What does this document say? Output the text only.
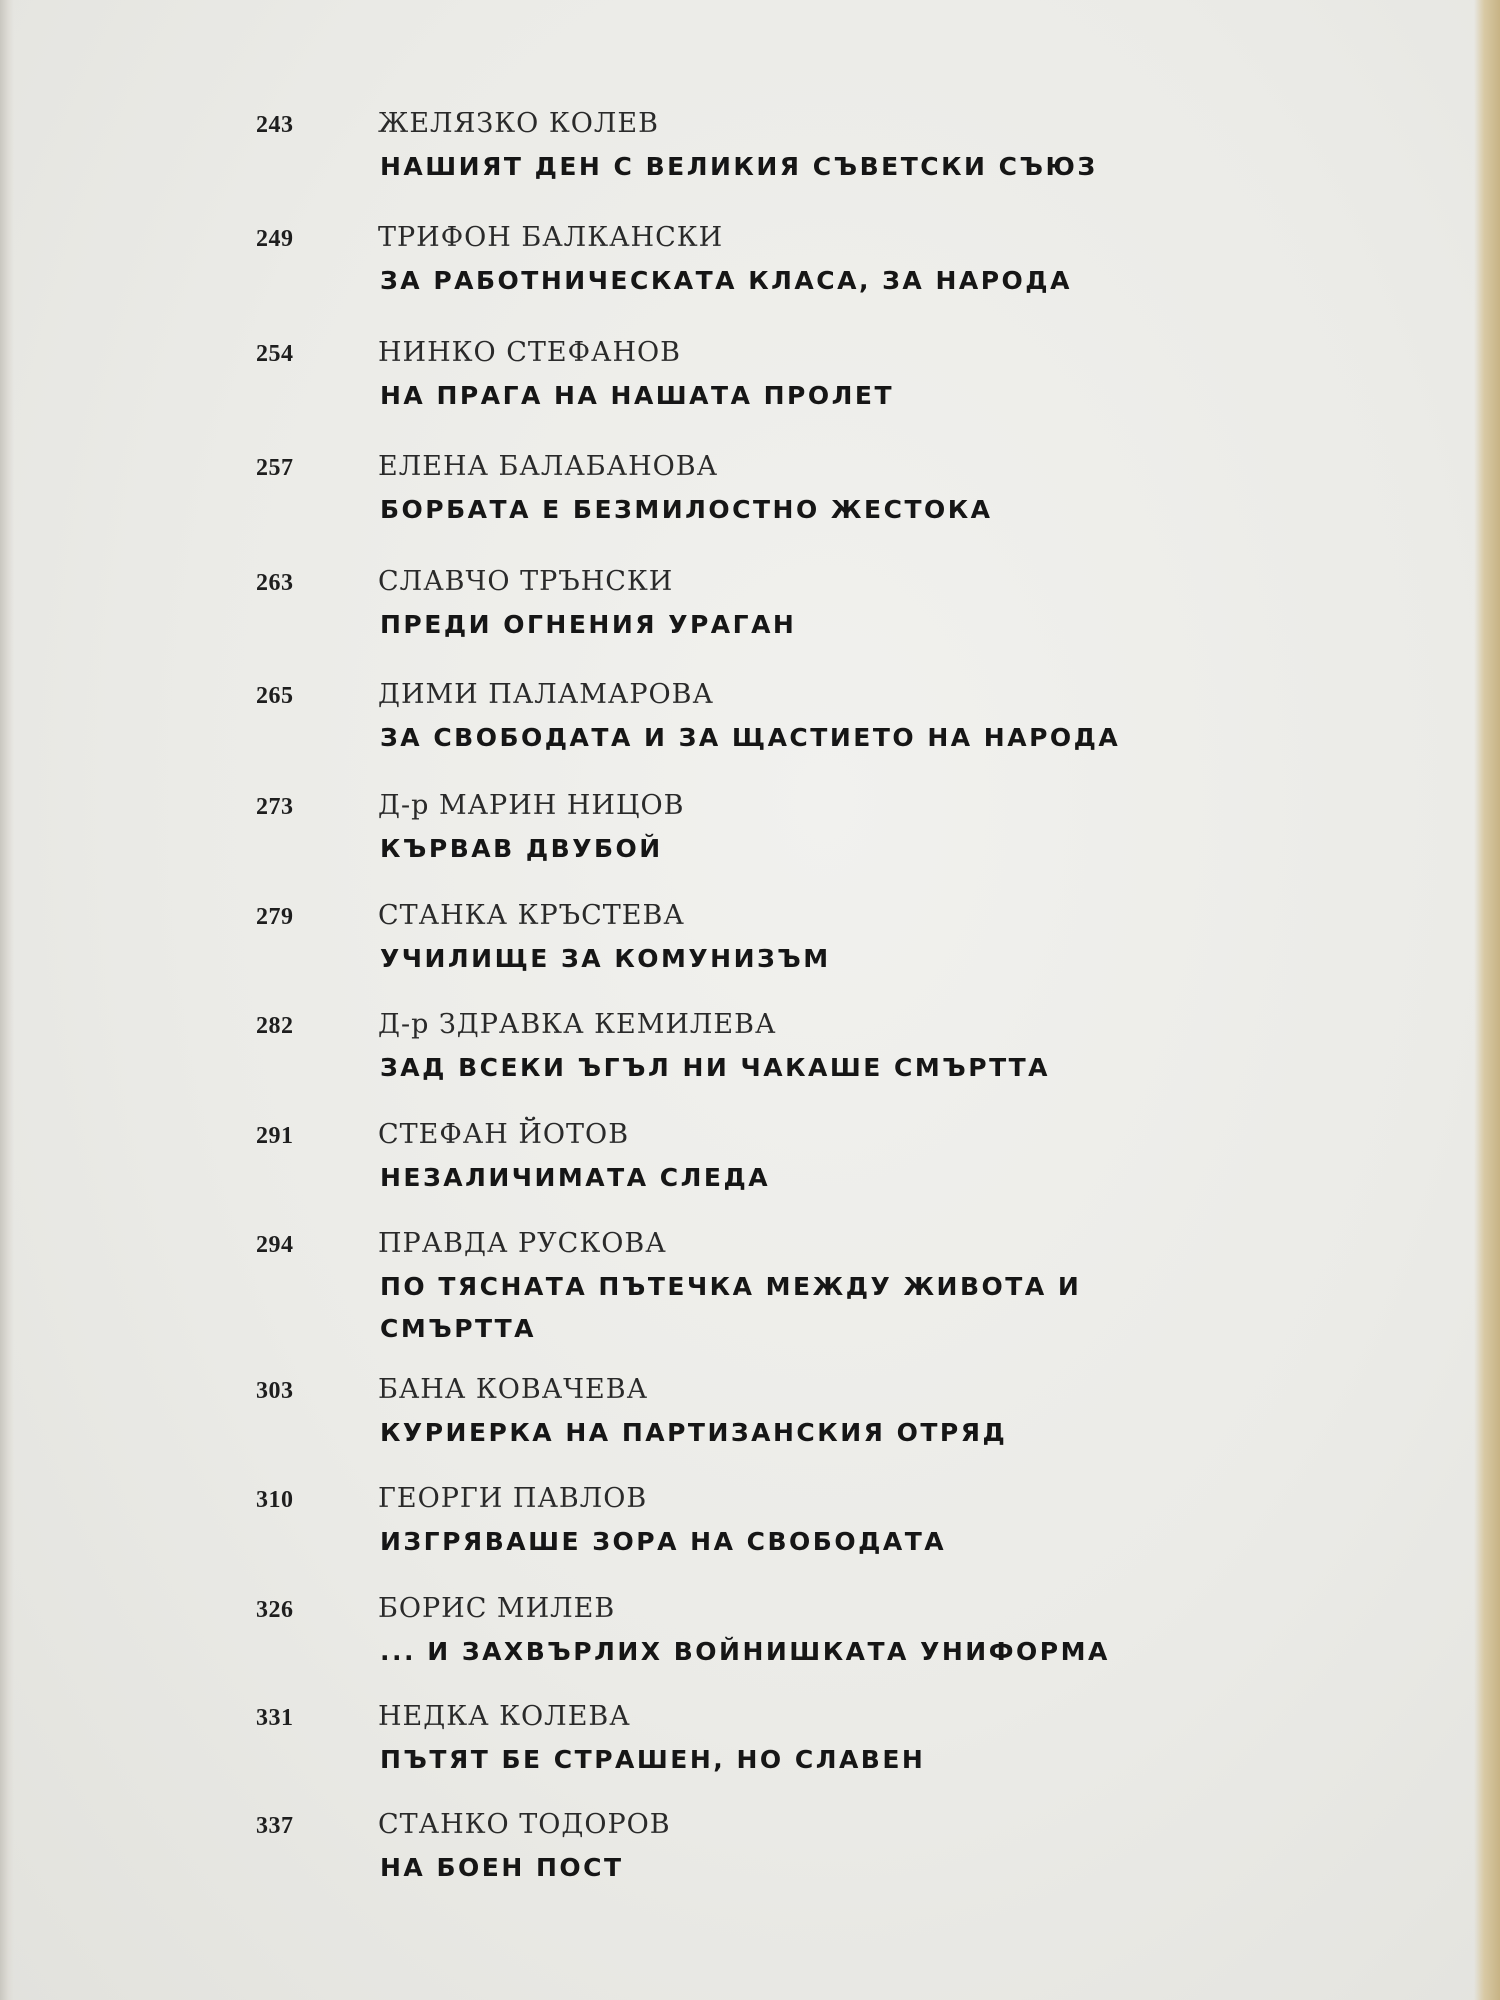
243	ЖЕЛЯЗКО КОЛЕВ
НАШИЯТ ДЕН С ВЕЛИКИЯ СЪВЕТСКИ СЪЮЗ
249	ТРИФОН БАЛКАНСКИ
ЗА РАБОТНИЧЕСКАТА КЛАСА, ЗА НАРОДА
254	НИНКО СТЕФАНОВ
НА ПРАГА НА НАШАТА ПРОЛЕТ
257	ЕЛЕНА БАЛАБАНОВА
БОРБАТА Е БЕЗМИЛОСТНО ЖЕСТОКА
263	СЛАВЧО ТРЪНСКИ
ПРЕДИ ОГНЕНИЯ УРАГАН
265	ДИМИ ПАЛАМАРОВА
ЗА СВОБОДАТА И ЗА ЩАСТИЕТО НА НАРОДА
273	Д-р МАРИН НИЦОВ
КЪРВАВ ДВУБОЙ
279	СТАНКА КРЪСТЕВА
УЧИЛИЩЕ ЗА КОМУНИЗЪМ
282	Д-р ЗДРАВКА КЕМИЛЕВА
ЗАД ВСЕКИ ЪГЪЛ НИ ЧАКАШЕ СМЪРТТА
291	СТЕФАН ЙОТОВ
НЕЗАЛИЧИМАТА СЛЕДА
294	ПРАВДА РУСКОВА
ПО ТЯСНАТА ПЪТЕЧКА МЕЖДУ ЖИВОТА И СМЪРТТА
303	БАНА КОВАЧЕВА
КУРИЕРКА НА ПАРТИЗАНСКИЯ ОТРЯД
310	ГЕОРГИ ПАВЛОВ
ИЗГРЯВАШЕ ЗОРА НА СВОБОДАТА
326	БОРИС МИЛЕВ
... И ЗАХВЪРЛИХ ВОЙНИШКАТА УНИФОРМА
331	НЕДКА КОЛЕВА
ПЪТЯТ БЕ СТРАШЕН, НО СЛАВЕН
337	СТАНКО ТОДОРОВ
НА БОЕН ПОСТ
